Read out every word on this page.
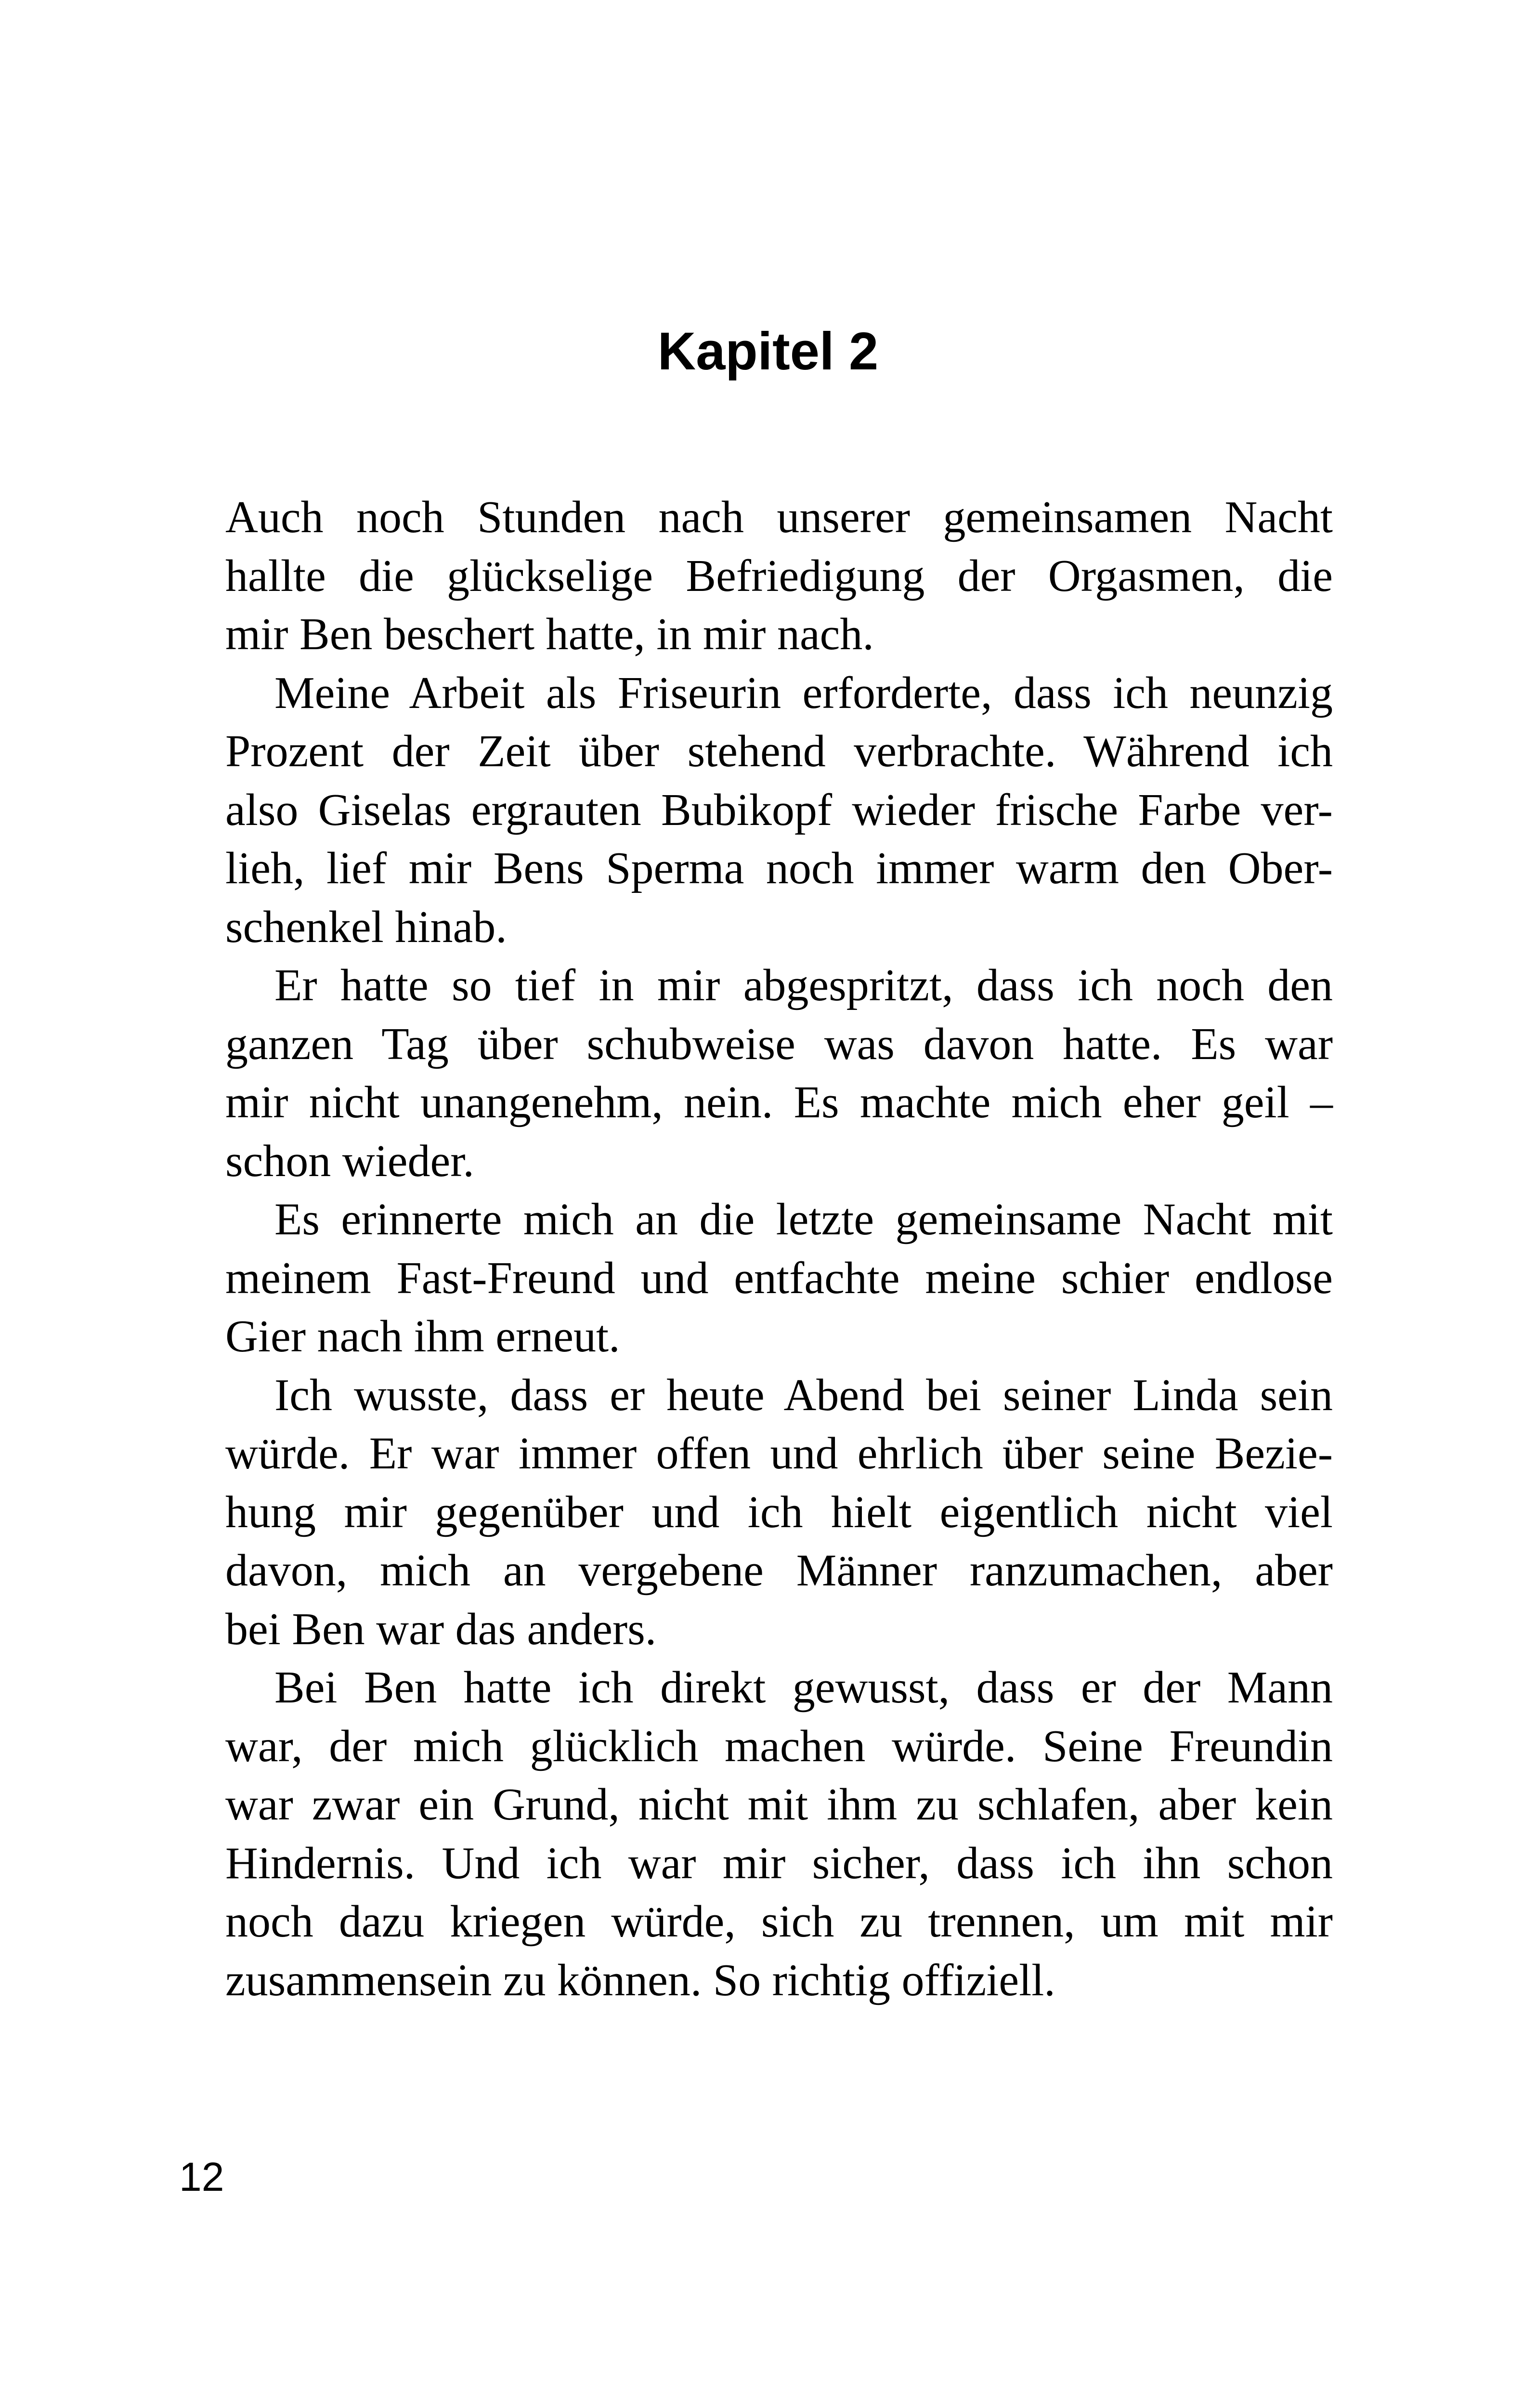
Kapitel 2
Auch noch Stunden nach unserer gemeinsamen Nacht
hallte die glückselige Befriedigung der Orgasmen, die
mir Ben beschert hatte, in mir nach.
Meine Arbeit als Friseurin erforderte, dass ich neunzig
Prozent der Zeit über stehend verbrachte. Während ich
also Giselas ergrauten Bubikopf wieder frische Farbe ver-
lieh, lief mir Bens Sperma noch immer warm den Ober-
schenkel hinab.
Er hatte so tief in mir abgespritzt, dass ich noch den
ganzen Tag über schubweise was davon hatte. Es war
mir nicht unangenehm, nein. Es machte mich eher geil –
schon wieder.
Es erinnerte mich an die letzte gemeinsame Nacht mit
meinem Fast-Freund und entfachte meine schier endlose
Gier nach ihm erneut.
Ich wusste, dass er heute Abend bei seiner Linda sein
würde. Er war immer offen und ehrlich über seine Bezie-
hung mir gegenüber und ich hielt eigentlich nicht viel
davon, mich an vergebene Männer ranzumachen, aber
bei Ben war das anders.
Bei Ben hatte ich direkt gewusst, dass er der Mann
war, der mich glücklich machen würde. Seine Freundin
war zwar ein Grund, nicht mit ihm zu schlafen, aber kein
Hindernis. Und ich war mir sicher, dass ich ihn schon
noch dazu kriegen würde, sich zu trennen, um mit mir
zusammensein zu können. So richtig offiziell.
12
